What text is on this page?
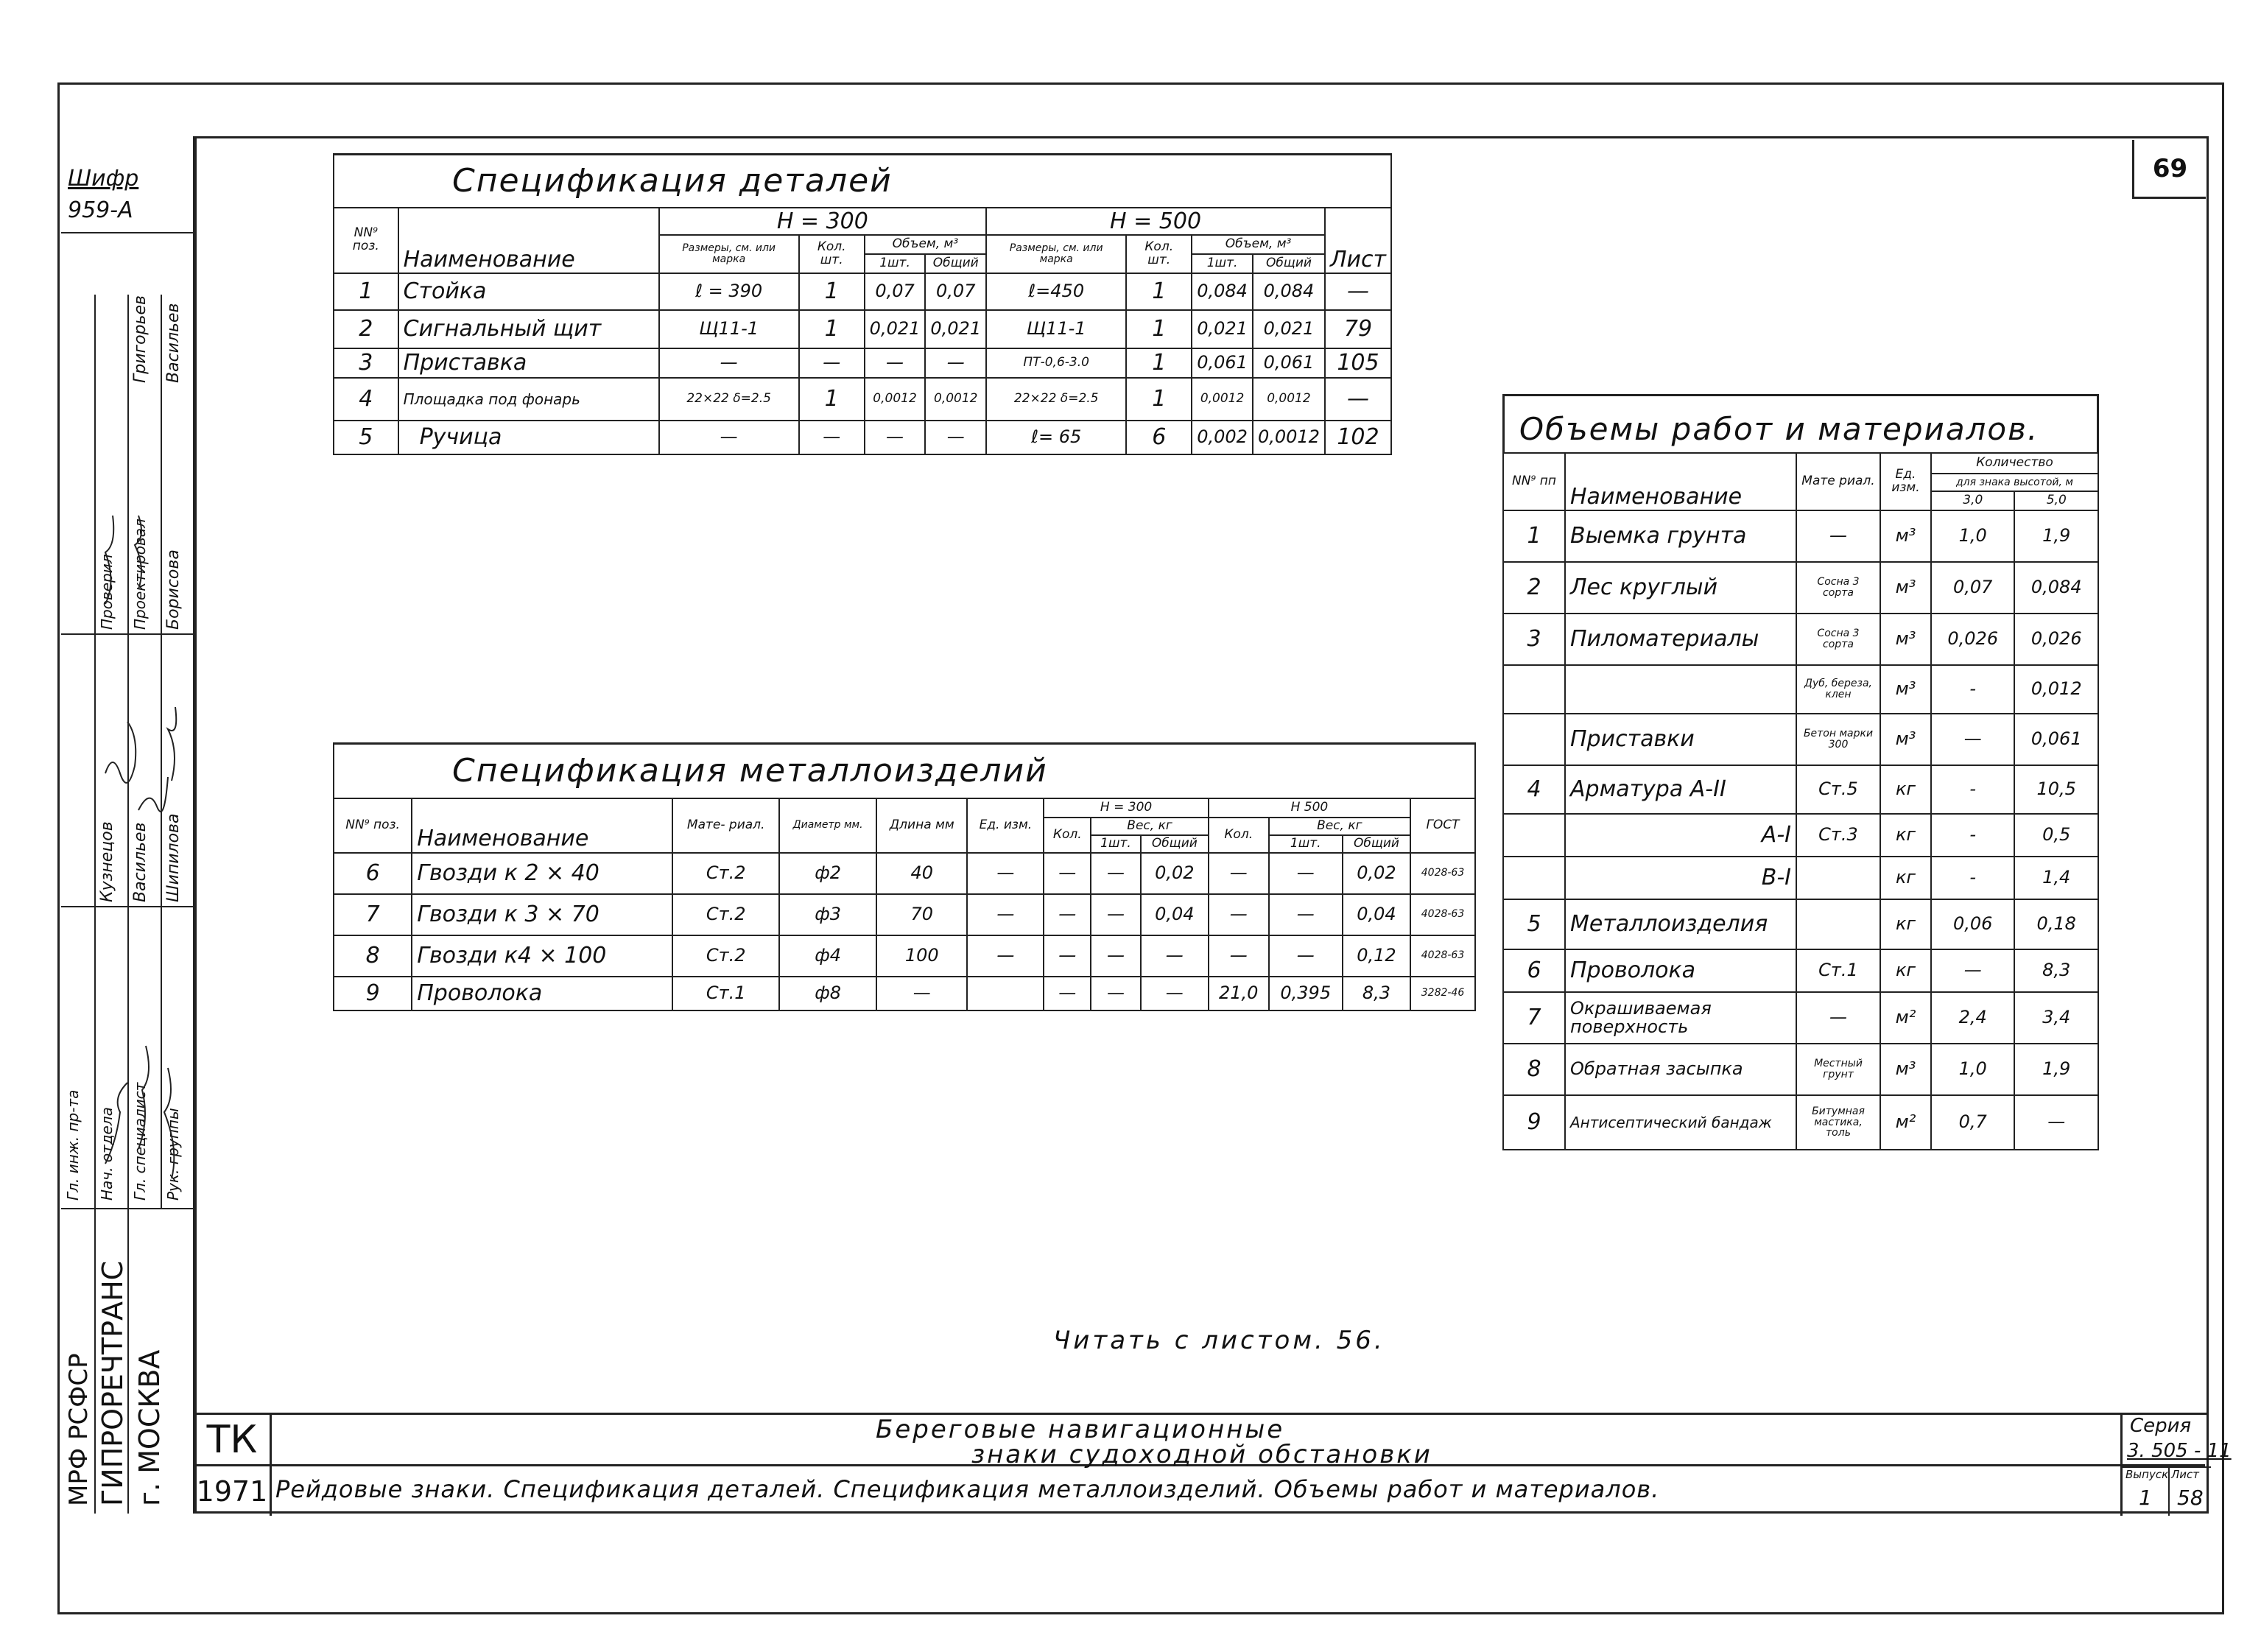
69
Шифр
959-А
Гл. инж. пр-та Нач. отдела Гл. специалист Рук. группы
Проверил Проектировал
Кузнецов Васильев Шипилова
Борисова
Васильев
Григорьев
МРФ РСФСР ГИПРОРЕЧТРАНС г. МОСКВА
Спецификация деталей										
NN⁹ поз.	Наименование	Н = 300				Н = 500				Лист
		Размеры, см. или марка	Кол. шт.	Объем, м³		Размеры, см. или марка	Кол. шт.	Объем, м³		
				1шт.	Общий			1шт.	Общий	
1	Стойка	ℓ = 390	1	0,07	0,07	ℓ=450	1	0,084	0,084	—
2	Сигнальный щит	Щ11-1	1	0,021	0,021	Щ11-1	1	0,021	0,021	79
3	Приставка	—	—	—	—	ПТ-0,6-3.0	1	0,061	0,061	105
4	Площадка под фонарь	22×22 δ=2.5	1	0,0012	0,0012	22×22 δ=2.5	1	0,0012	0,0012	—
5	Ручица	—	—	—	—	ℓ= 65	6	0,002	0,0012	102
Спецификация металлоизделий												
NN⁹ поз.	Наименование	Мате- риал.	Диаметр мм.	Длина мм	Ед. изм.	Н = 300			Н 500			ГОСТ
						Кол.	Вес, кг		Кол.	Вес, кг		
							1шт.	Общий		1шт.	Общий	
6	Гвозди к 2 × 40	Ст.2	ф2	40	—	—	—	0,02	—	—	0,02	4028-63
7	Гвозди к 3 × 70	Ст.2	ф3	70	—	—	—	0,04	—	—	0,04	4028-63
8	Гвозди к4 × 100	Ст.2	ф4	100	—	—	—	—	—	—	0,12	4028-63
9	Проволока	Ст.1	ф8	—		—	—	—	21,0	0,395	8,3	3282-46
Объемы работ и материалов.
NN⁹ пп	Наименование	Мате риал.	Ед. изм.	Количество	
				для знака высотой, м	
				3,0	5,0
1	Выемка грунта	—	м³	1,0	1,9
2	Лес круглый	Сосна 3 сорта	м³	0,07	0,084
3	Пиломатериалы	Сосна 3 сорта	м³	0,026	0,026
		Дуб, береза, клен	м³	-	0,012
	Приставки	Бетон марки 300	м³	—	0,061
4	Арматура А-II	Ст.5	кг	-	10,5
	А-I	Ст.3	кг	-	0,5
	В-I		кг	-	1,4
5	Металлоизделия		кг	0,06	0,18
6	Проволока	Ст.1	кг	—	8,3
7	Окрашиваемая поверхность	—	м²	2,4	3,4
8	Обратная засыпка	Местный грунт	м³	1,0	1,9
9	Антисептический бандаж	Битумная мастика, толь	м²	0,7	—
Читать с листом. 56.
ТК
1971
Береговые навигационные
знаки судоходной обстановки
Рейдовые знаки. Спецификация деталей. Спецификация металлоизделий. Объемы работ и материалов.
Серия
3. 505 - 11
Выпуск Лист
1 58
